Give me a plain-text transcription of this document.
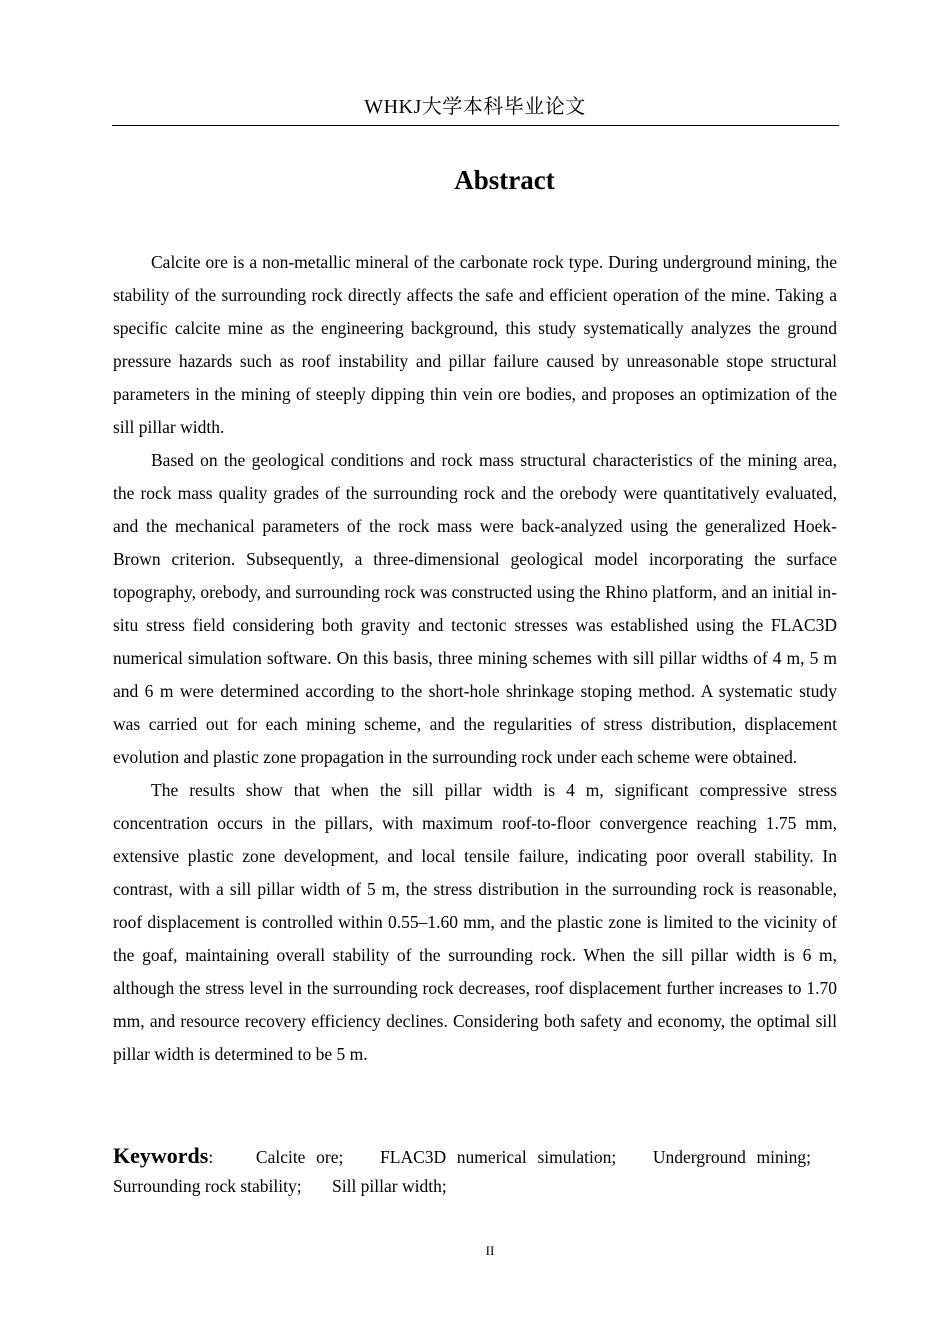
WHKJ大学本科毕业论文
Abstract

Calcite ore is a non-metallic mineral of the carbonate rock type. During underground mining, the stability of the surrounding rock directly affects the safe and efficient operation of the mine. Taking a specific calcite mine as the engineering background, this study systematically analyzes the ground pressure hazards such as roof instability and pillar failure caused by unreasonable stope structural parameters in the mining of steeply dipping thin vein ore bodies, and proposes an optimization of the sill pillar width.

Based on the geological conditions and rock mass structural characteristics of the mining area, the rock mass quality grades of the surrounding rock and the orebody were quantitatively evaluated, and the mechanical parameters of the rock mass were back-analyzed using the generalized Hoek-Brown criterion. Subsequently, a three-dimensional geological model incorporating the surface topography, orebody, and surrounding rock was constructed using the Rhino platform, and an initial in-situ stress field considering both gravity and tectonic stresses was established using the FLAC3D numerical simulation software. On this basis, three mining schemes with sill pillar widths of 4 m, 5 m and 6 m were determined according to the short-hole shrinkage stoping method. A systematic study was carried out for each mining scheme, and the regularities of stress distribution, displacement evolution and plastic zone propagation in the surrounding rock under each scheme were obtained.

The results show that when the sill pillar width is 4 m, significant compressive stress concentration occurs in the pillars, with maximum roof-to-floor convergence reaching 1.75 mm, extensive plastic zone development, and local tensile failure, indicating poor overall stability. In contrast, with a sill pillar width of 5 m, the stress distribution in the surrounding rock is reasonable, roof displacement is controlled within 0.55–1.60 mm, and the plastic zone is limited to the vicinity of the goaf, maintaining overall stability of the surrounding rock. When the sill pillar width is 6 m, although the stress level in the surrounding rock decreases, roof displacement further increases to 1.70 mm, and resource recovery efficiency declines. Considering both safety and economy, the optimal sill pillar width is determined to be 5 m.

Keywords: Calcite ore; FLAC3D numerical simulation; Underground mining; Surrounding rock stability; Sill pillar width;
II
